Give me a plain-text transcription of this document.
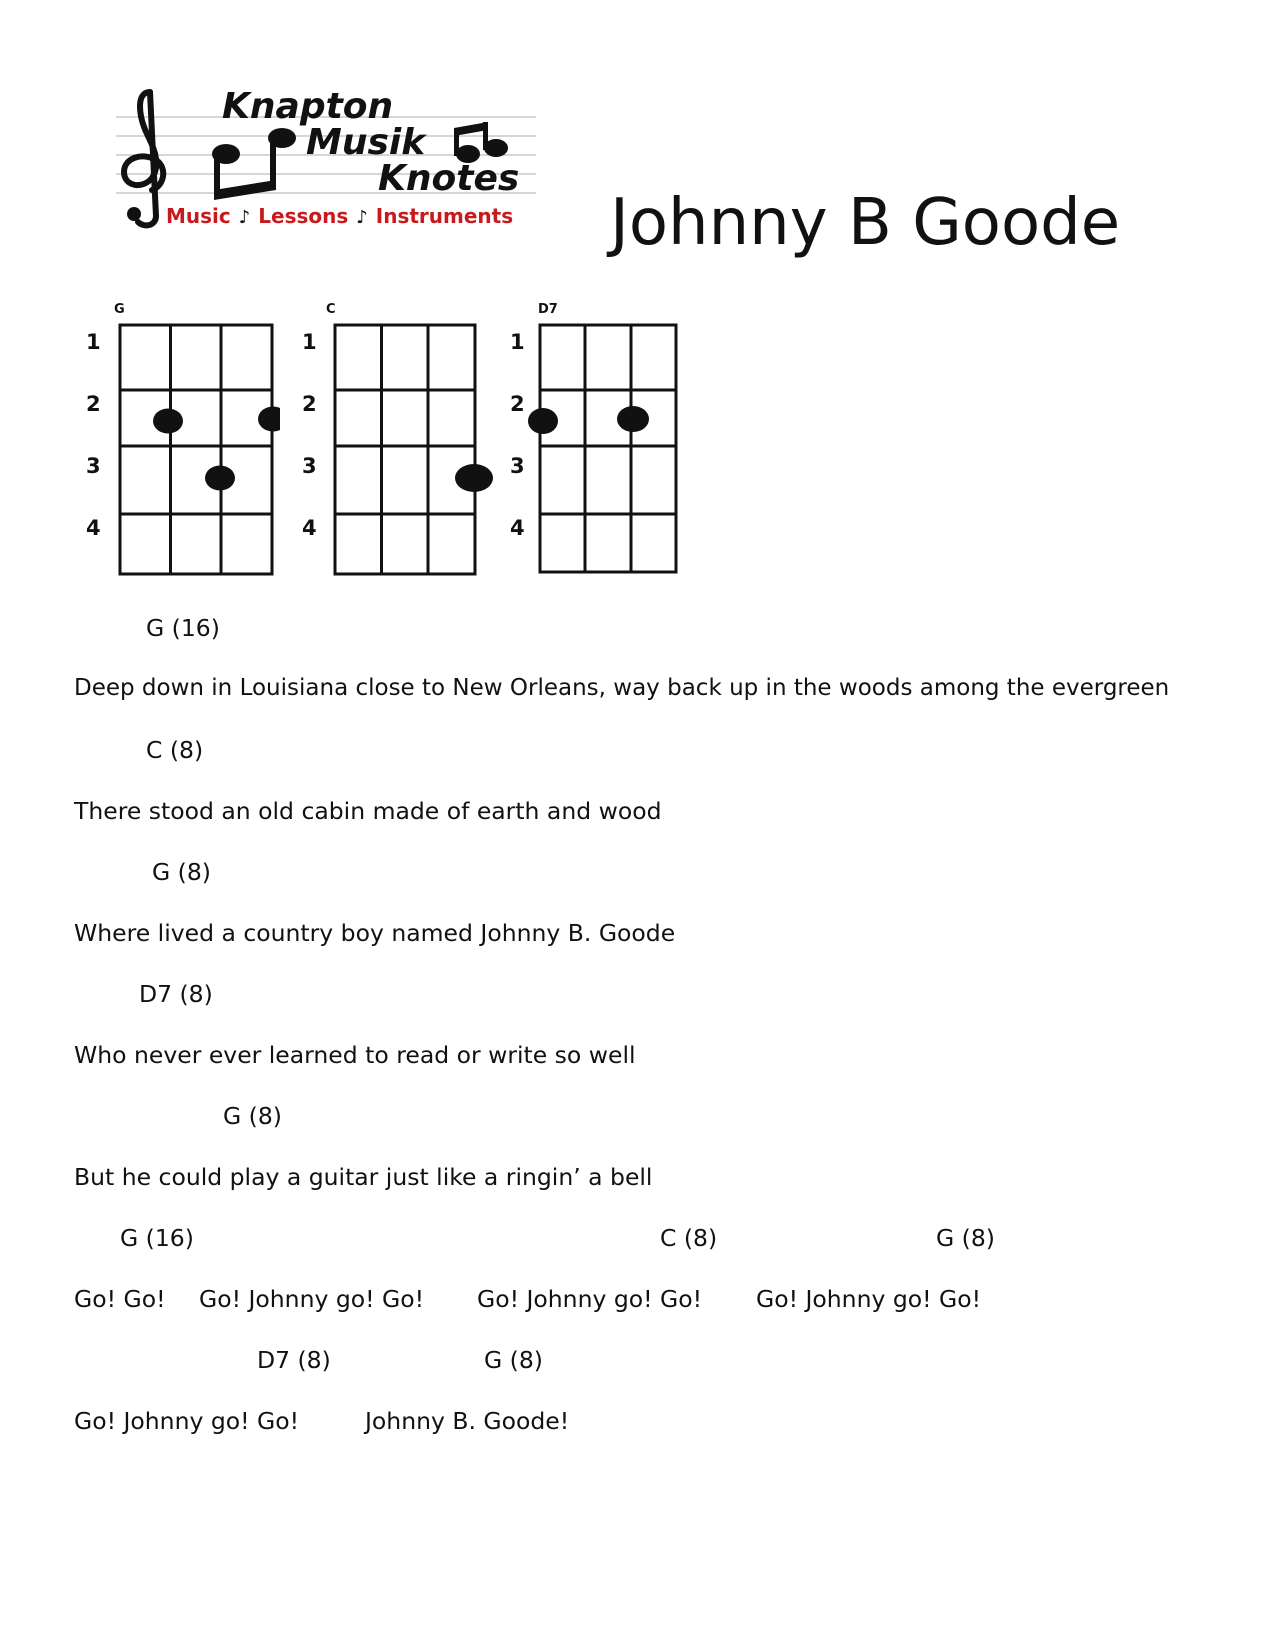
Knapton
Musik
Knotes
Music ♪ Lessons ♪ Instruments Johnny B Goode
G
1
2
3
4
C
1
2
3
4
D7
1
2
3
4

G (16)

Deep down in Louisiana close to New Orleans, way back up in the woods among the evergreen

C (8)

There stood an old cabin made of earth and wood

G (8)

Where lived a country boy named Johnny B. Goode

D7 (8)

Who never ever learned to read or write so well

G (8)

But he could play a guitar just like a ringin’ a bell

G (16)

	C (8)

	G (8)

Go! Go!

Go! Johnny go! Go!

Go! Johnny go! Go!

Go! Johnny go! Go!

D7 (8)

	G (8)

Go! Johnny go! Go!

	Johnny B. Goode!
